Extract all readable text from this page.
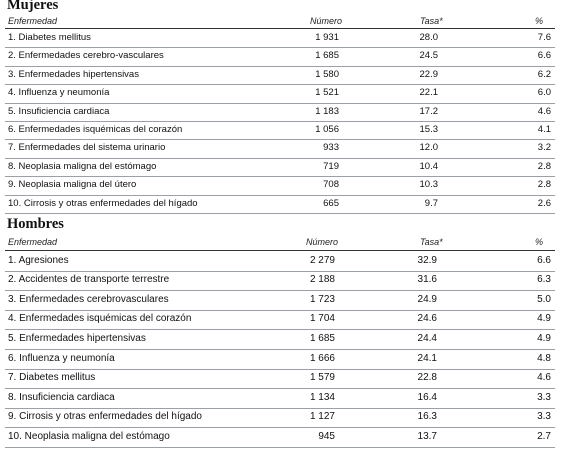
Mujeres
Enfermedad	Número	Tasa*	%
1. Diabetes mellitus	1 931	28.0	7.6
2. Enfermedades cerebro-vasculares	1 685	24.5	6.6
3. Enfermedades hipertensivas	1 580	22.9	6.2
4. Influenza y neumonía	1 521	22.1	6.0
5. Insuficiencia cardiaca	1 183	17.2	4.6
6. Enfermedades isquémicas del corazón	1 056	15.3	4.1
7. Enfermedades del sistema urinario	933	12.0	3.2
8. Neoplasia maligna del estómago	719	10.4	2.8
9. Neoplasia maligna del útero	708	10.3	2.8
10. Cirrosis y otras enfermedades del hígado	665	9.7	2.6
Hombres
Enfermedad	Número	Tasa*	%
1. Agresiones	2 279	32.9	6.6
2. Accidentes de transporte terrestre	2 188	31.6	6.3
3. Enfermedades cerebrovasculares	1 723	24.9	5.0
4. Enfermedades isquémicas del corazón	1 704	24.6	4.9
5. Enfermedades hipertensivas	1 685	24.4	4.9
6. Influenza y neumonía	1 666	24.1	4.8
7. Diabetes mellitus	1 579	22.8	4.6
8. Insuficiencia cardiaca	1 134	16.4	3.3
9. Cirrosis y otras enfermedades del hígado	1 127	16.3	3.3
10. Neoplasia maligna del estómago	945	13.7	2.7
